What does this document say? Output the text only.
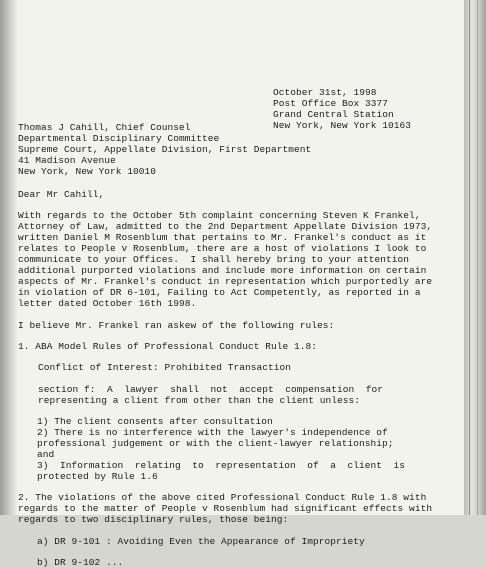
October 31st, 1998
Post Office Box 3377
Grand Central Station
New York, New York 10163
Thomas J Cahill, Chief Counsel
Departmental Disciplinary Committee
Supreme Court, Appellate Division, First Department
41 Madison Avenue
New York, New York 10010
Dear Mr Cahill,
With regards to the October 5th complaint concerning Steven K Frankel,
Attorney of Law, admitted to the 2nd Department Appellate Division 1973,
written Daniel M Rosenblum that pertains to Mr. Frankel's conduct as it
relates to People v Rosenblum, there are a host of violations I look to
communicate to your Offices.  I shall hereby bring to your attention
additional purported violations and include more information on certain
aspects of Mr. Frankel's conduct in representation which purportedly are
in violation of DR 6-101, Failing to Act Competently, as reported in a
letter dated October 16th 1998.
I believe Mr. Frankel ran askew of the following rules:
1. ABA Model Rules of Professional Conduct Rule 1.8:
Conflict of Interest: Prohibited Transaction
section f:  A  lawyer  shall  not  accept  compensation  for
representing a client from other than the client unless:
1) The client consents after consultation
2) There is no interference with the lawyer's independence of
professional judgement or with the client-lawyer relationship;
and
3)  Information  relating  to  representation  of  a  client  is
protected by Rule 1.6
2. The violations of the above cited Professional Conduct Rule 1.8 with
regards to the matter of People v Rosenblum had significant effects with
regards to two disciplinary rules, those being:
a) DR 9-101 : Avoiding Even the Appearance of Impropriety
b) DR 9-102 ...
